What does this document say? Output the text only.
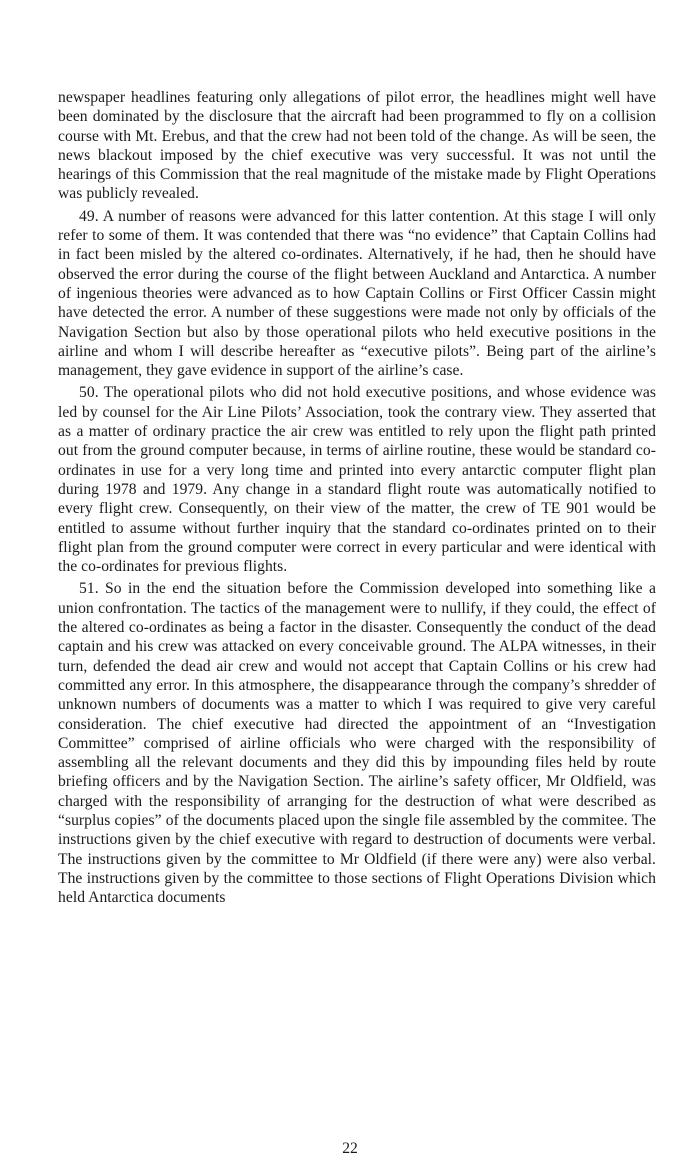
newspaper headlines featuring only allegations of pilot error, the headlines might well have been dominated by the disclosure that the aircraft had been programmed to fly on a collision course with Mt. Erebus, and that the crew had not been told of the change. As will be seen, the news blackout imposed by the chief executive was very successful. It was not until the hearings of this Commission that the real magnitude of the mistake made by Flight Operations was publicly revealed.

49. A number of reasons were advanced for this latter contention. At this stage I will only refer to some of them. It was contended that there was “no evidence” that Captain Collins had in fact been misled by the altered co-ordinates. Alternatively, if he had, then he should have observed the error during the course of the flight between Auckland and Antarctica. A number of ingenious theories were advanced as to how Captain Collins or First Officer Cassin might have detected the error. A number of these suggestions were made not only by officials of the Navigation Section but also by those operational pilots who held executive positions in the airline and whom I will describe hereafter as “executive pilots”. Being part of the airline’s management, they gave evidence in support of the airline’s case.

50. The operational pilots who did not hold executive positions, and whose evidence was led by counsel for the Air Line Pilots’ Association, took the contrary view. They asserted that as a matter of ordinary practice the air crew was entitled to rely upon the flight path printed out from the ground computer because, in terms of airline routine, these would be standard co-ordinates in use for a very long time and printed into every antarctic computer flight plan during 1978 and 1979. Any change in a standard flight route was automatically notified to every flight crew. Consequently, on their view of the matter, the crew of TE 901 would be entitled to assume without further inquiry that the standard co-ordinates printed on to their flight plan from the ground computer were correct in every particular and were identical with the co-ordinates for previous flights.

51. So in the end the situation before the Commission developed into something like a union confrontation. The tactics of the management were to nullify, if they could, the effect of the altered co-ordinates as being a factor in the disaster. Consequently the conduct of the dead captain and his crew was attacked on every conceivable ground. The ALPA witnesses, in their turn, defended the dead air crew and would not accept that Captain Collins or his crew had committed any error. In this atmosphere, the disappearance through the company’s shredder of unknown numbers of documents was a matter to which I was required to give very careful consideration. The chief executive had directed the appointment of an “Investigation Committee” comprised of airline officials who were charged with the responsibility of assembling all the relevant documents and they did this by impounding files held by route briefing officers and by the Navigation Section. The airline’s safety officer, Mr Oldfield, was charged with the responsibility of arranging for the destruction of what were described as “surplus copies” of the documents placed upon the single file assembled by the commitee. The instructions given by the chief executive with regard to destruction of documents were verbal. The instructions given by the committee to Mr Oldfield (if there were any) were also verbal. The instructions given by the committee to those sections of Flight Operations Division which held Antarctica documents

22
